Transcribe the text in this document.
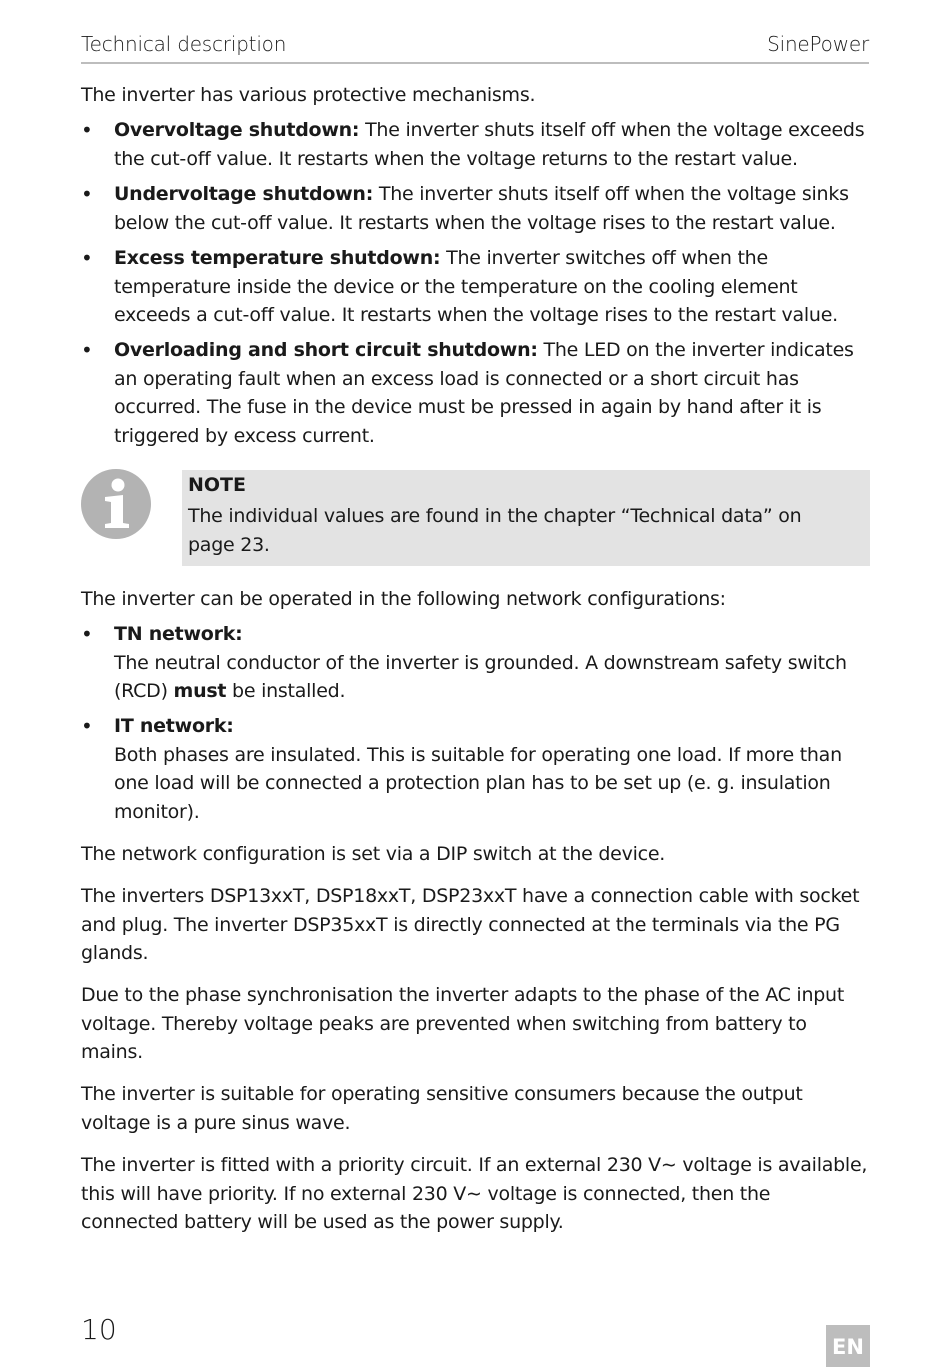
Technical description	SinePower

The inverter has various protective mechanisms.

•	Overvoltage shutdown: The inverter shuts itself off when the voltage exceeds the cut-off value. It restarts when the voltage returns to the restart value.
•	Undervoltage shutdown: The inverter shuts itself off when the voltage sinks below the cut-off value. It restarts when the voltage rises to the restart value.
•	Excess temperature shutdown: The inverter switches off when the temperature inside the device or the temperature on the cooling element exceeds a cut-off value. It restarts when the voltage rises to the restart value.
•	Overloading and short circuit shutdown: The LED on the inverter indicates an operating fault when an excess load is connected or a short circuit has occurred. The fuse in the device must be pressed in again by hand after it is triggered by excess current.
NOTE
The individual values are found in the chapter “Technical data” on page 23.

The inverter can be operated in the following network configurations:

•	TN network:
The neutral conductor of the inverter is grounded. A downstream safety switch (RCD) must be installed.
•	IT network:
Both phases are insulated. This is suitable for operating one load. If more than one load will be connected a protection plan has to be set up (e. g. insulation monitor).

The network configuration is set via a DIP switch at the device.

The inverters DSP13xxT, DSP18xxT, DSP23xxT have a connection cable with socket and plug. The inverter DSP35xxT is directly connected at the terminals via the PG glands.

Due to the phase synchronisation the inverter adapts to the phase of the AC input voltage. Thereby voltage peaks are prevented when switching from battery to mains.

The inverter is suitable for operating sensitive consumers because the output voltage is a pure sinus wave.

The inverter is fitted with a priority circuit. If an external 230 V∼ voltage is available, this will have priority. If no external 230 V∼ voltage is connected, then the connected battery will be used as the power supply.

10
EN
